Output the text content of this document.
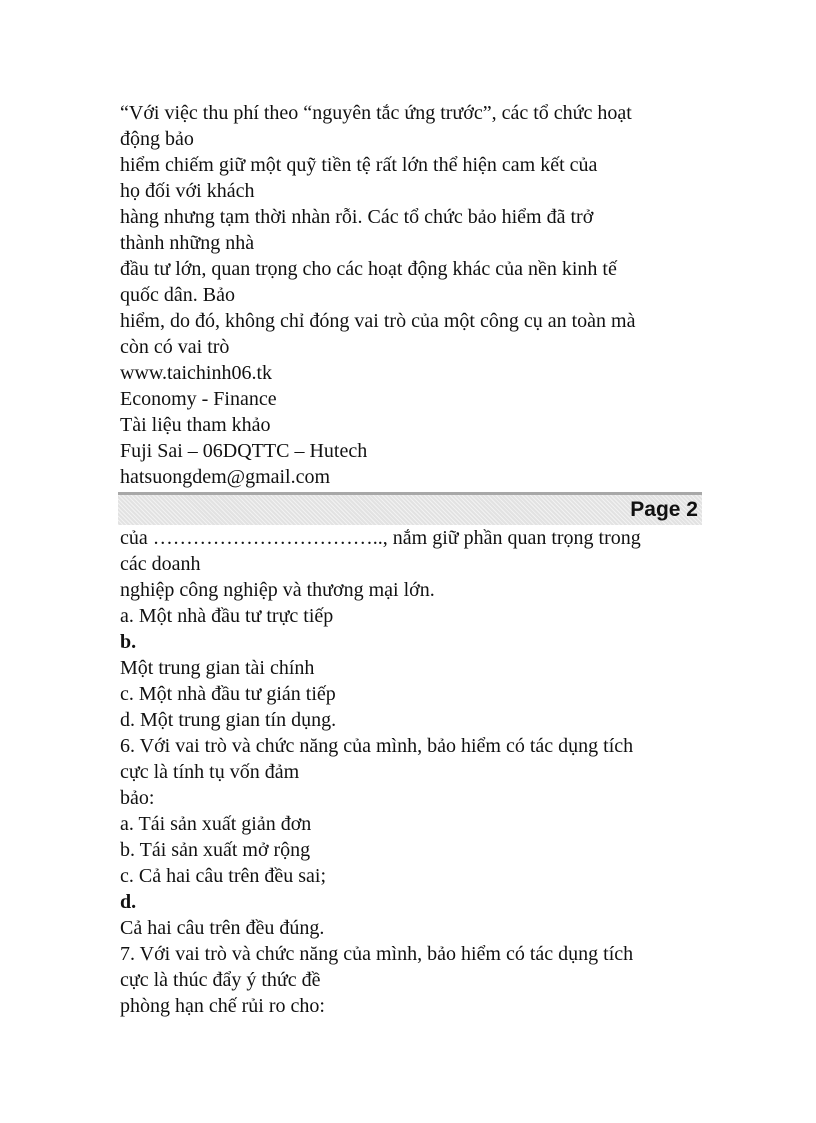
“Với việc thu phí theo “nguyên tắc ứng trước”, các tổ chức hoạt
động bảo
hiểm chiếm giữ một quỹ tiền tệ rất lớn thể hiện cam kết của
họ đối với khách
hàng nhưng tạm thời nhàn rỗi. Các tổ chức bảo hiểm đã trở
thành những nhà
đầu tư lớn, quan trọng cho các hoạt động khác của nền kinh tế
quốc dân. Bảo
hiểm, do đó, không chỉ đóng vai trò của một công cụ an toàn mà
còn có vai trò
www.taichinh06.tk
Economy - Finance
Tài liệu tham khảo
Fuji Sai – 06DQTTC – Hutech
hatsuongdem@gmail.com
Page 2
của …………………………….., nắm giữ phần quan trọng trong
các doanh
nghiệp công nghiệp và thương mại lớn.
a. Một nhà đầu tư trực tiếp
b.
Một trung gian tài chính
c. Một nhà đầu tư gián tiếp
d. Một trung gian tín dụng.
6. Với vai trò và chức năng của mình, bảo hiểm có tác dụng tích
cực là tính tụ vốn đảm
bảo:
a. Tái sản xuất giản đơn
b. Tái sản xuất mở rộng
c. Cả hai câu trên đều sai;
d.
Cả hai câu trên đều đúng.
7. Với vai trò và chức năng của mình, bảo hiểm có tác dụng tích
cực là thúc đẩy ý thức đề
phòng hạn chế rủi ro cho:
